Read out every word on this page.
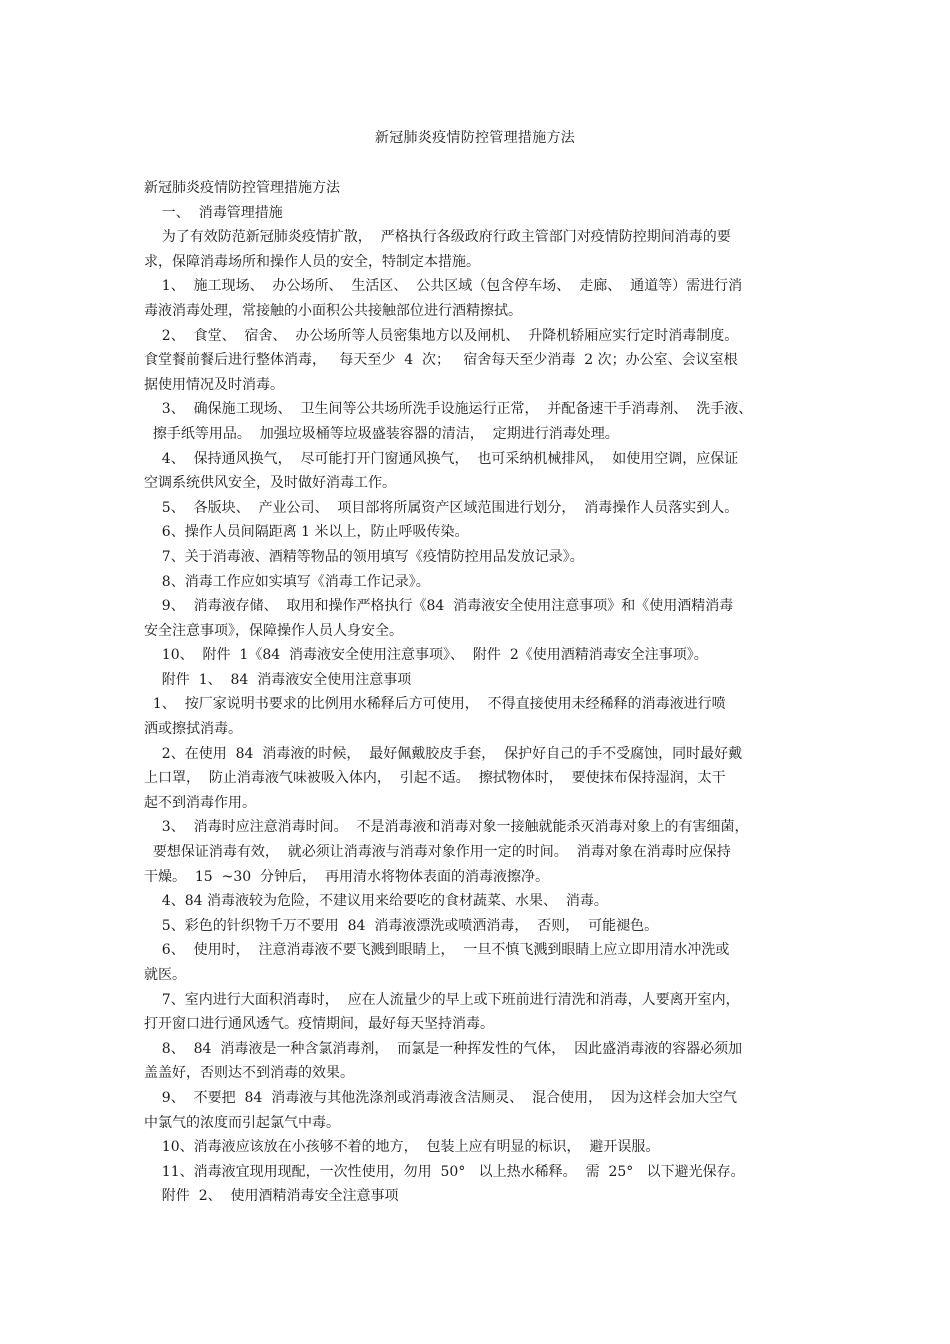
新冠肺炎疫情防控管理措施方法
新冠肺炎疫情防控管理措施方法
一、  消毒管理措施
为了有效防范新冠肺炎疫情扩散，  严格执行各级政府行政主管部门对疫情防控期间消毒的要
求，保障消毒场所和操作人员的安全，特制定本措施。
1、  施工现场、  办公场所、  生活区、  公共区域（包含停车场、  走廊、  通道等）需进行消
毒液消毒处理，常接触的小面积公共接触部位进行酒精擦拭。
2、  食堂、  宿舍、  办公场所等人员密集地方以及闸机、  升降机轿厢应实行定时消毒制度。
食堂餐前餐后进行整体消毒，   每天至少  4  次；   宿舍每天至少消毒  2 次；办公室、会议室根
据使用情况及时消毒。
3、  确保施工现场、  卫生间等公共场所洗手设施运行正常，  并配备速干手消毒剂、  洗手液、
擦手纸等用品。  加强垃圾桶等垃圾盛装容器的清洁，  定期进行消毒处理。
4、  保持通风换气，  尽可能打开门窗通风换气，  也可采纳机械排风，  如使用空调，应保证
空调系统供风安全，及时做好消毒工作。
5、  各版块、  产业公司、  项目部将所属资产区域范围进行划分，  消毒操作人员落实到人。
6、操作人员间隔距离 1 米以上，防止呼吸传染。
7、关于消毒液、酒精等物品的领用填写《疫情防控用品发放记录》。
8、消毒工作应如实填写《消毒工作记录》。
9、  消毒液存储、  取用和操作严格执行《84  消毒液安全使用注意事项》和《使用酒精消毒
安全注意事项》，保障操作人员人身安全。
10、  附件  1《84  消毒液安全使用注意事项》、  附件  2《使用酒精消毒安全注事项》。
附件  1、  84  消毒液安全使用注意事项
1、  按厂家说明书要求的比例用水稀释后方可使用，  不得直接使用未经稀释的消毒液进行喷
洒或擦拭消毒。
2、在使用  84  消毒液的时候，  最好佩戴胶皮手套，  保护好自己的手不受腐蚀，同时最好戴
上口罩，  防止消毒液气味被吸入体内，  引起不适。  擦拭物体时，  要使抹布保持湿润，太干
起不到消毒作用。
3、  消毒时应注意消毒时间。  不是消毒液和消毒对象一接触就能杀灭消毒对象上的有害细菌，
要想保证消毒有效，  就必须让消毒液与消毒对象作用一定的时间。  消毒对象在消毒时应保持
干燥。  15  ~30  分钟后，  再用清水将物体表面的消毒液擦净。
4、84 消毒液较为危险，不建议用来给要吃的食材蔬菜、水果、  消毒。
5、彩色的针织物千万不要用  84  消毒液漂洗或喷洒消毒，  否则，  可能褪色。
6、  使用时，  注意消毒液不要飞溅到眼睛上，  一旦不慎飞溅到眼睛上应立即用清水冲洗或
就医。
7、室内进行大面积消毒时，  应在人流量少的早上或下班前进行清洗和消毒，人要离开室内，
打开窗口进行通风透气。疫情期间，最好每天坚持消毒。
8、  84  消毒液是一种含氯消毒剂，  而氯是一种挥发性的气体，  因此盛消毒液的容器必须加
盖盖好，否则达不到消毒的效果。
9、  不要把  84  消毒液与其他洗涤剂或消毒液含洁厕灵、  混合使用，  因为这样会加大空气
中氯气的浓度而引起氯气中毒。
10、消毒液应该放在小孩够不着的地方，  包装上应有明显的标识，  避开误服。
11、消毒液宜现用现配，一次性使用，勿用  50°   以上热水稀释。  需  25°   以下避光保存。
附件  2、  使用酒精消毒安全注意事项
